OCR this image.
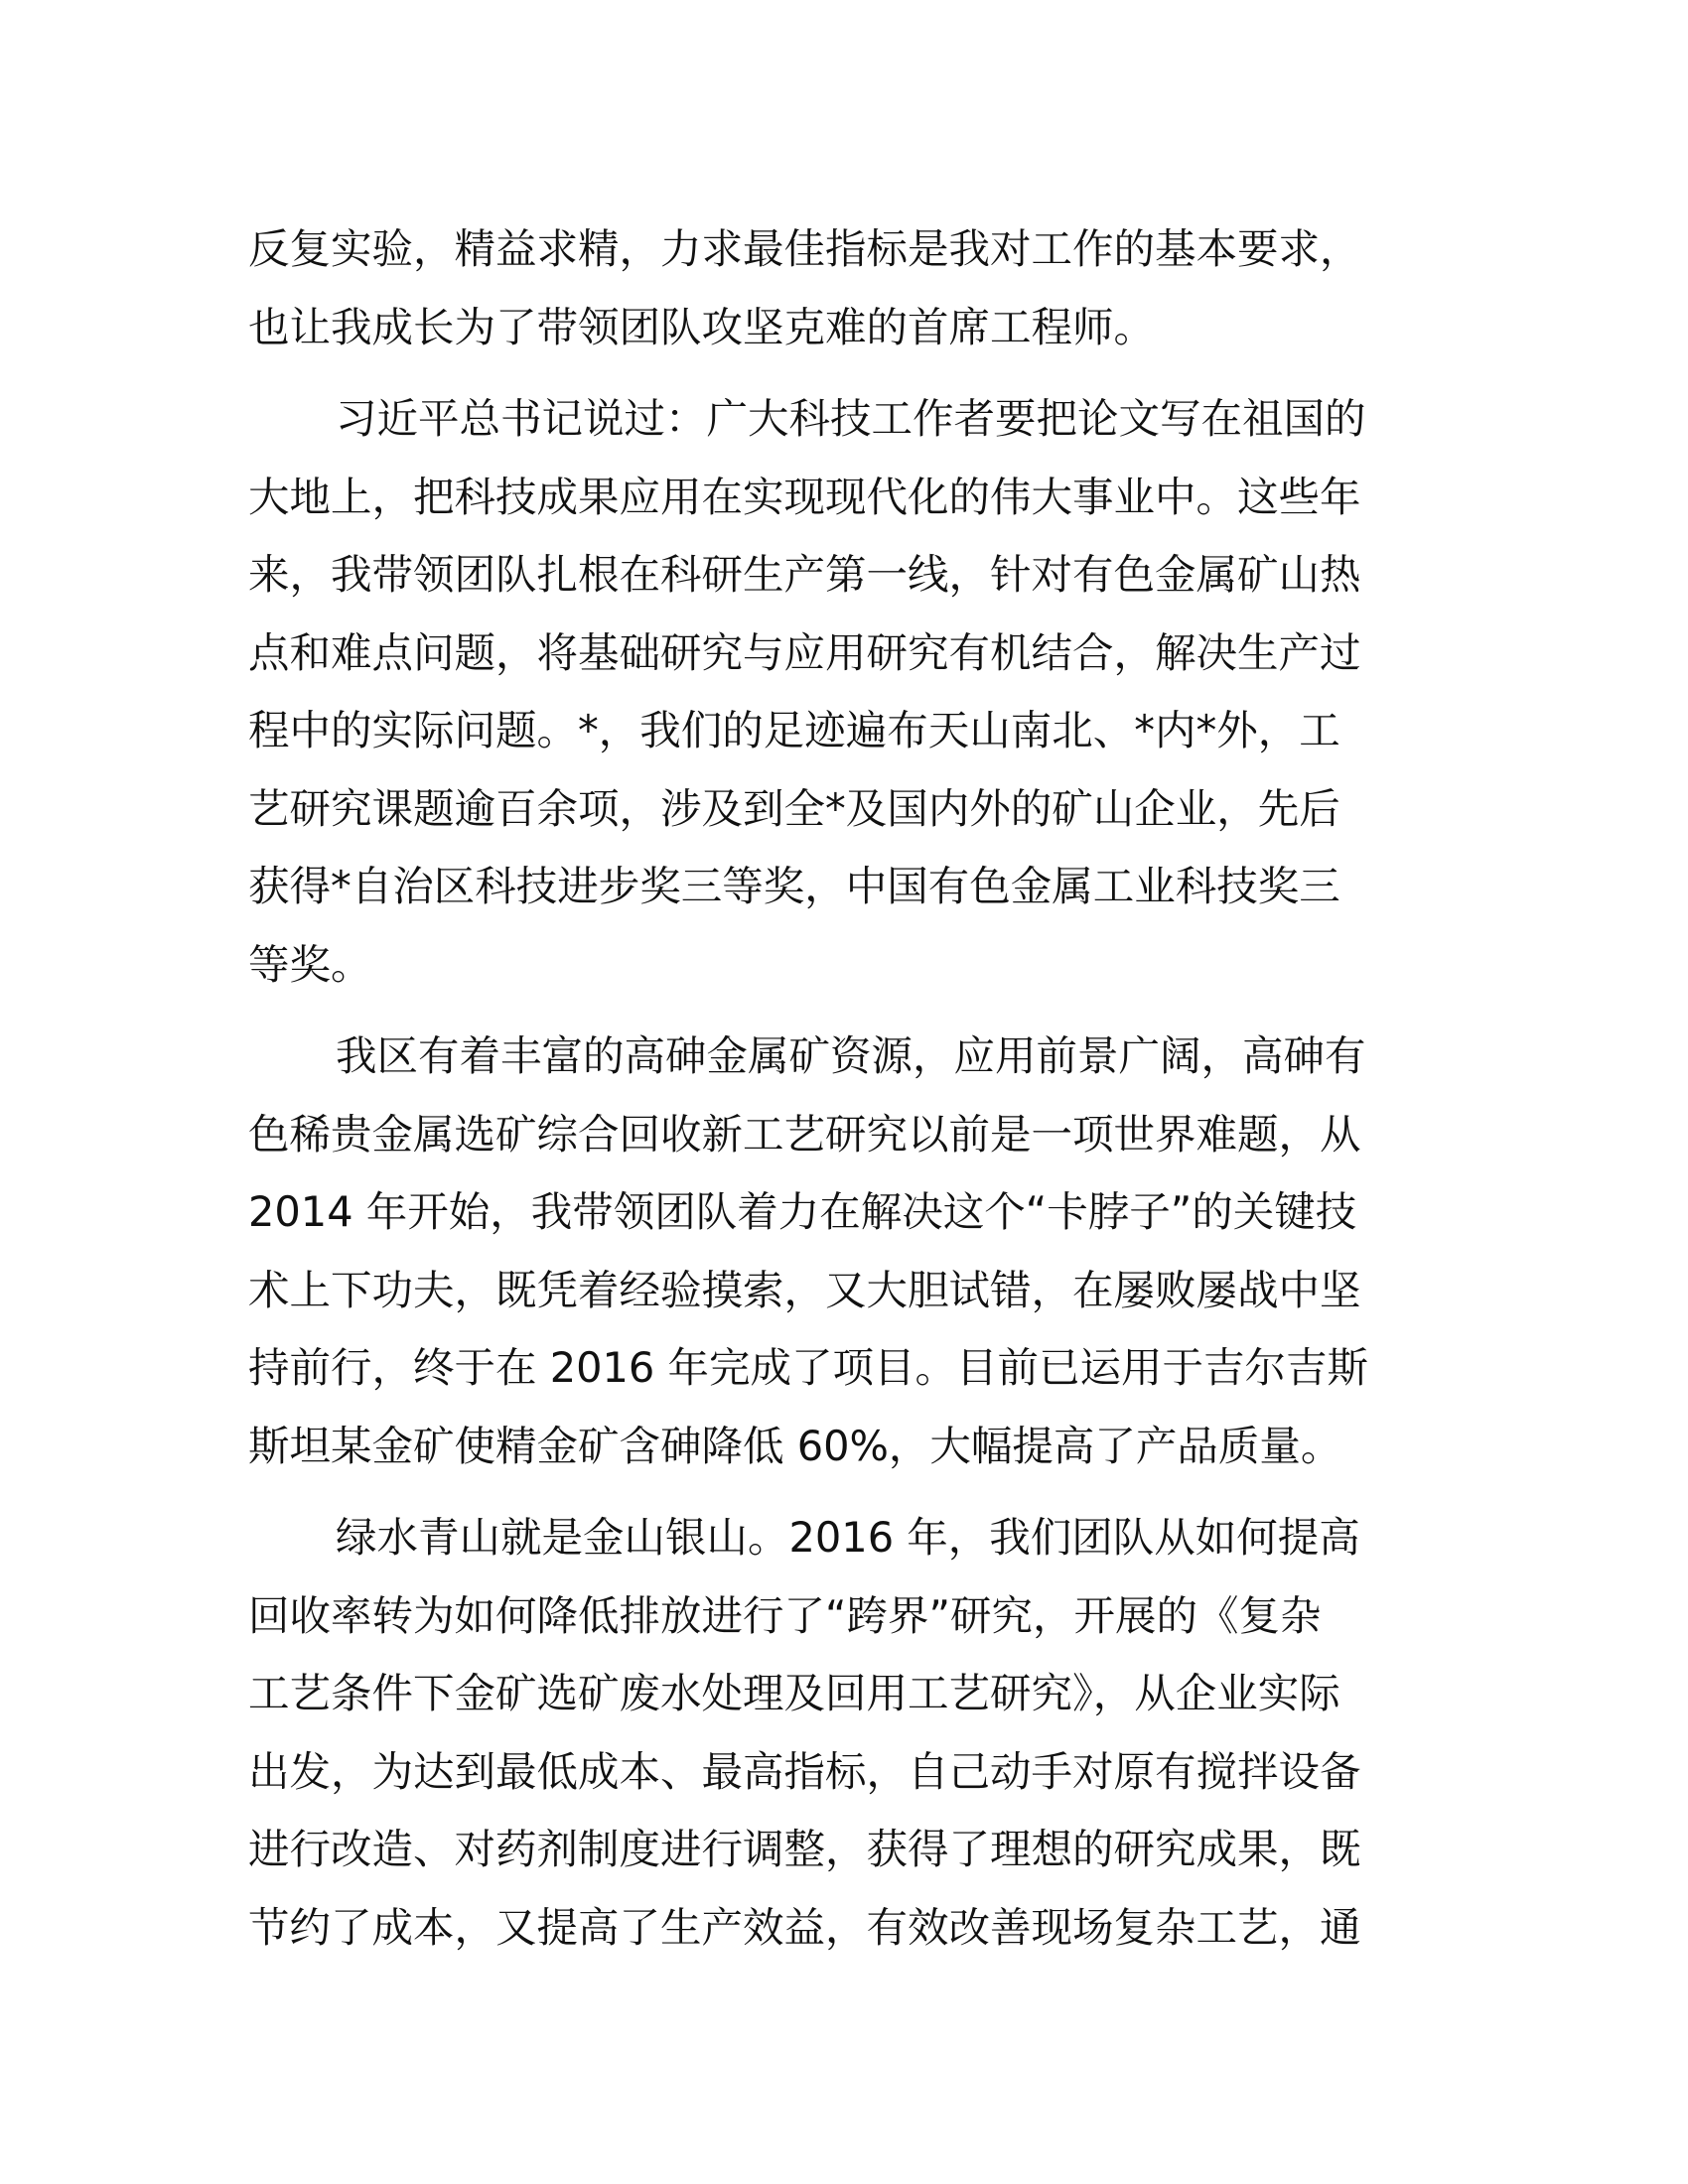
反复实验，精益求精，力求最佳指标是我对工作的基本要求，
也让我成长为了带领团队攻坚克难的首席工程师。
习近平总书记说过：广大科技工作者要把论文写在祖国的
大地上，把科技成果应用在实现现代化的伟大事业中。这些年
来，我带领团队扎根在科研生产第一线，针对有色金属矿山热
点和难点问题，将基础研究与应用研究有机结合，解决生产过
程中的实际问题。*，我们的足迹遍布天山南北、*内*外，工
艺研究课题逾百余项，涉及到全*及国内外的矿山企业，先后
获得*自治区科技进步奖三等奖，中国有色金属工业科技奖三
等奖。
我区有着丰富的高砷金属矿资源，应用前景广阔，高砷有
色稀贵金属选矿综合回收新工艺研究以前是一项世界难题，从
2014 年开始，我带领团队着力在解决这个“卡脖子”的关键技
术上下功夫，既凭着经验摸索，又大胆试错，在屡败屡战中坚
持前行，终于在 2016 年完成了项目。目前已运用于吉尔吉斯
斯坦某金矿使精金矿含砷降低 60%，大幅提高了产品质量。
绿水青山就是金山银山。2016 年，我们团队从如何提高
回收率转为如何降低排放进行了“跨界”研究，开展的《复杂
工艺条件下金矿选矿废水处理及回用工艺研究》，从企业实际
出发，为达到最低成本、最高指标，自己动手对原有搅拌设备
进行改造、对药剂制度进行调整，获得了理想的研究成果，既
节约了成本，又提高了生产效益，有效改善现场复杂工艺，通
